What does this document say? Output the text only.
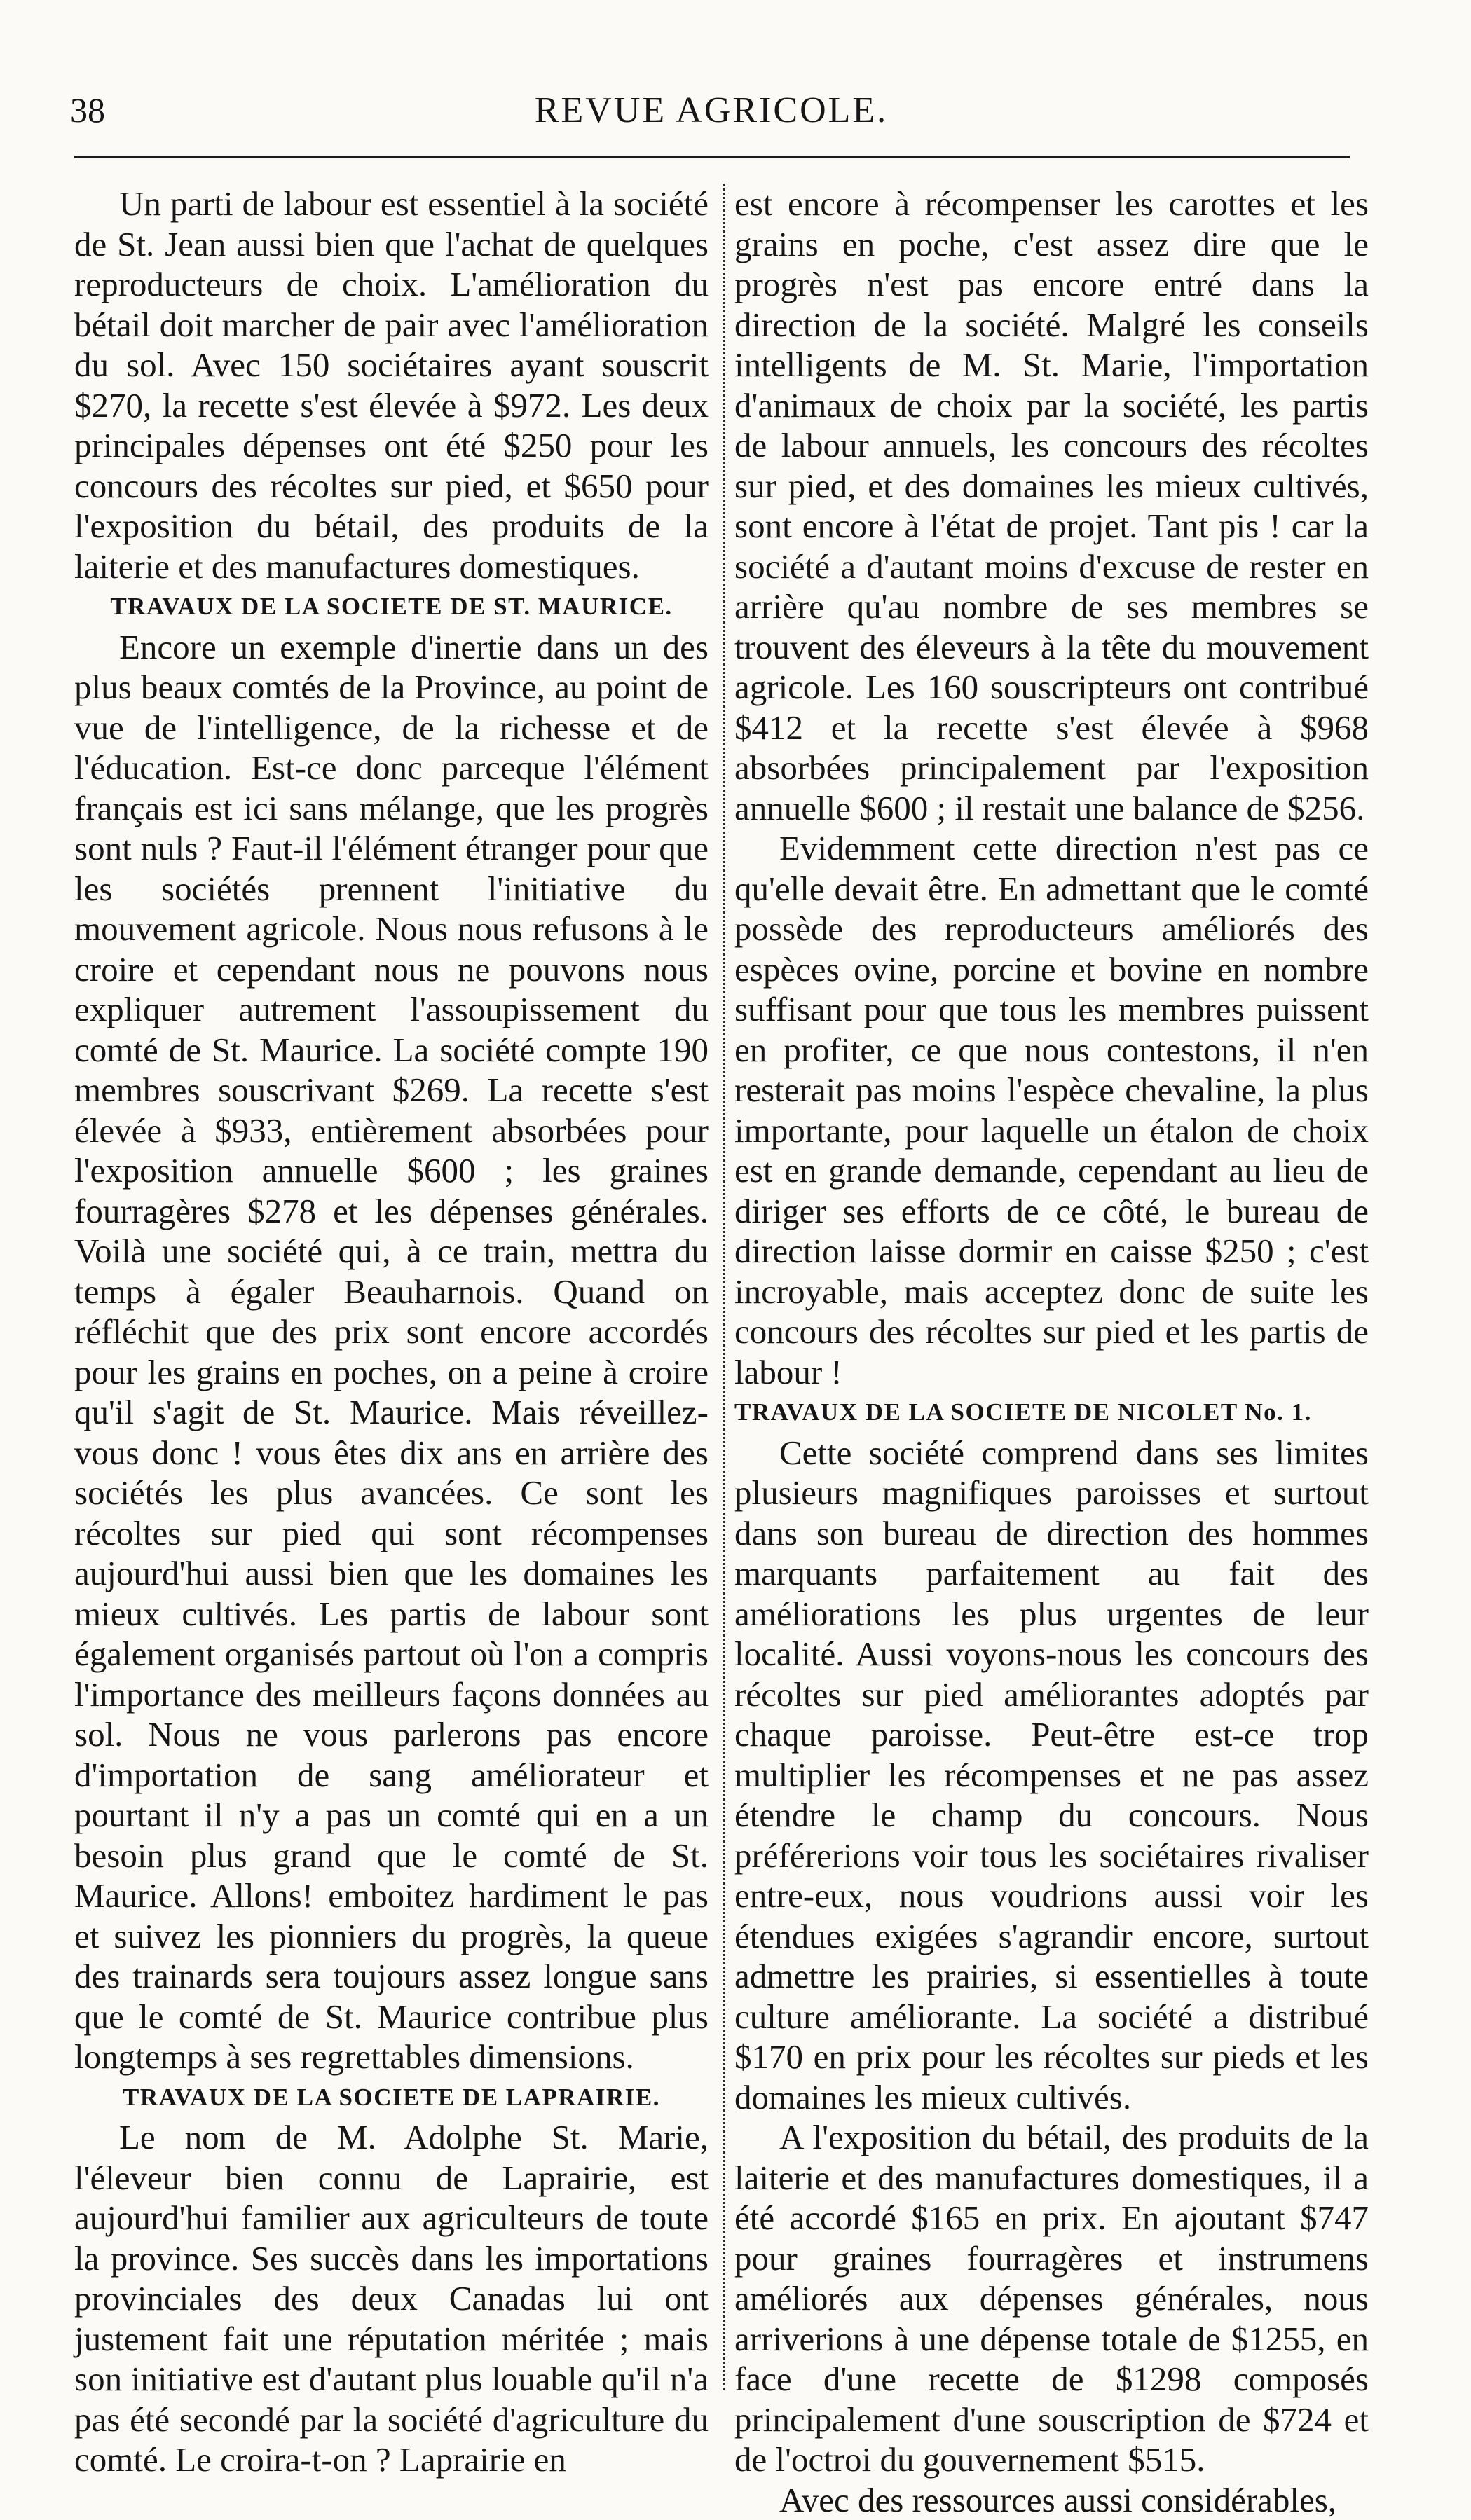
38	REVUE AGRICOLE.

Un parti de labour est essentiel à la société de St. Jean aussi bien que l'achat de quelques reproducteurs de choix. L'amélioration du bétail doit marcher de pair avec l'amélioration du sol. Avec 150 sociétaires ayant souscrit $270, la recette s'est élevée à $972. Les deux principales dépenses ont été $250 pour les concours des récoltes sur pied, et $650 pour l'exposition du bétail, des produits de la laiterie et des manufactures domestiques.

TRAVAUX DE LA SOCIETE DE ST. MAURICE.

Encore un exemple d'inertie dans un des plus beaux comtés de la Province, au point de vue de l'intelligence, de la richesse et de l'éducation. Est-ce donc parceque l'élément français est ici sans mélange, que les progrès sont nuls ? Faut-il l'élément étranger pour que les sociétés prennent l'initiative du mouvement agricole. Nous nous refusons à le croire et cependant nous ne pouvons nous expliquer autrement l'assoupissement du comté de St. Maurice. La société compte 190 membres souscrivant $269. La recette s'est élevée à $933, entièrement absorbées pour l'exposition annuelle $600 ; les graines fourragères $278 et les dépenses générales. Voilà une société qui, à ce train, mettra du temps à égaler Beauharnois. Quand on réfléchit que des prix sont encore accordés pour les grains en poches, on a peine à croire qu'il s'agit de St. Maurice. Mais réveillez-vous donc ! vous êtes dix ans en arrière des sociétés les plus avancées. Ce sont les récoltes sur pied qui sont récompenses aujourd'hui aussi bien que les domaines les mieux cultivés. Les partis de labour sont également organisés partout où l'on a compris l'importance des meilleurs façons données au sol. Nous ne vous parlerons pas encore d'importation de sang améliorateur et pourtant il n'y a pas un comté qui en a un besoin plus grand que le comté de St. Maurice. Allons! emboitez hardiment le pas et suivez les pionniers du progrès, la queue des trainards sera toujours assez longue sans que le comté de St. Maurice contribue plus longtemps à ses regrettables dimensions.

TRAVAUX DE LA SOCIETE DE LAPRAIRIE.

Le nom de M. Adolphe St. Marie, l'éleveur bien connu de Laprairie, est aujourd'hui familier aux agriculteurs de toute la province. Ses succès dans les importations provinciales des deux Canadas lui ont justement fait une réputation méritée ; mais son initiative est d'autant plus louable qu'il n'a pas été secondé par la société d'agriculture du comté. Le croira-t-on ? Laprairie en

est encore à récompenser les carottes et les grains en poche, c'est assez dire que le progrès n'est pas encore entré dans la direction de la société. Malgré les conseils intelligents de M. St. Marie, l'importation d'animaux de choix par la société, les partis de labour annuels, les concours des récoltes sur pied, et des domaines les mieux cultivés, sont encore à l'état de projet. Tant pis ! car la société a d'autant moins d'excuse de rester en arrière qu'au nombre de ses membres se trouvent des éleveurs à la tête du mouvement agricole. Les 160 souscripteurs ont contribué $412 et la recette s'est élevée à $968 absorbées principalement par l'exposition annuelle $600 ; il restait une balance de $256.

Evidemment cette direction n'est pas ce qu'elle devait être. En admettant que le comté possède des reproducteurs améliorés des espèces ovine, porcine et bovine en nombre suffisant pour que tous les membres puissent en profiter, ce que nous contestons, il n'en resterait pas moins l'espèce chevaline, la plus importante, pour laquelle un étalon de choix est en grande demande, cependant au lieu de diriger ses efforts de ce côté, le bureau de direction laisse dormir en caisse $250 ; c'est incroyable, mais acceptez donc de suite les concours des récoltes sur pied et les partis de labour !

TRAVAUX DE LA SOCIETE DE NICOLET No. 1.

Cette société comprend dans ses limites plusieurs magnifiques paroisses et surtout dans son bureau de direction des hommes marquants parfaitement au fait des améliorations les plus urgentes de leur localité. Aussi voyons-nous les concours des récoltes sur pied améliorantes adoptés par chaque paroisse. Peut-être est-ce trop multiplier les récompenses et ne pas assez étendre le champ du concours. Nous préférerions voir tous les sociétaires rivaliser entre-eux, nous voudrions aussi voir les étendues exigées s'agrandir encore, surtout admettre les prairies, si essentielles à toute culture améliorante. La société a distribué $170 en prix pour les récoltes sur pieds et les domaines les mieux cultivés.

A l'exposition du bétail, des produits de la laiterie et des manufactures domestiques, il a été accordé $165 en prix. En ajoutant $747 pour graines fourragères et instrumens améliorés aux dépenses générales, nous arriverions à une dépense totale de $1255, en face d'une recette de $1298 composés principalement d'une souscription de $724 et de l'octroi du gouvernement $515.

Avec des ressources aussi considérables,
